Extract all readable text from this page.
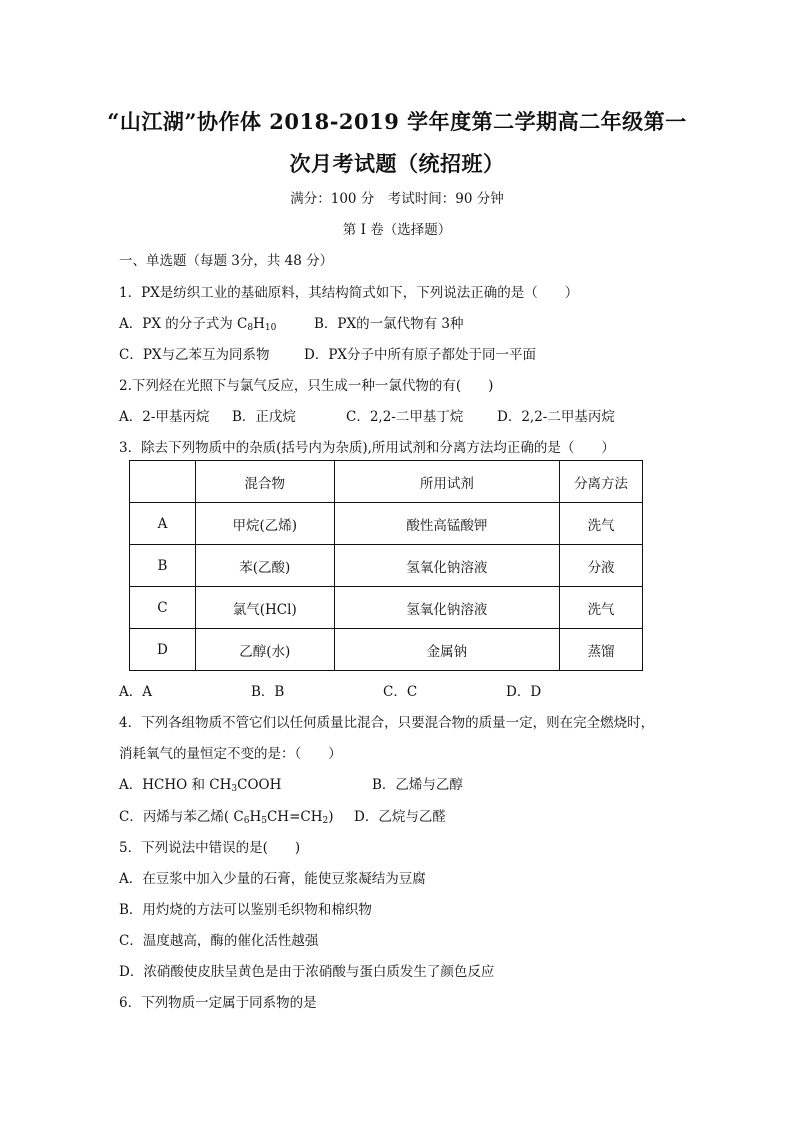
“山江湖”协作体 2018-2019 学年度第二学期高二年级第一
次月考试题（统招班）
满分：100 分　考试时间：90 分钟
第 I 卷（选择题）
一、单选题（每题 3分，共 48 分）
1．PX是纺织工业的基础原料，其结构简式如下，下列说法正确的是（　　）
A．PX 的分子式为 $C_8H_{10}$	B．PX的一氯代物有 3种
C．PX与乙苯互为同系物	D．PX分子中所有原子都处于同一平面
2.下列烃在光照下与氯气反应，只生成一种一氯代物的有(　　)
A．2-甲基丙烷 B．正戊烷	C．2,2-二甲基丁烷 D．2,2-二甲基丙烷
3．除去下列物质中的杂质(括号内为杂质),所用试剂和分离方法均正确的是（　　）
	混合物	所用试剂	分离方法
A	甲烷(乙烯)	酸性高锰酸钾	洗气
B	苯(乙酸)	氢氧化钠溶液	分液
C	氯气(HCl)	氢氧化钠溶液	洗气
D	乙醇(水)	金属钠	蒸馏
A．A	B．B	C．C	D．D
4．下列各组物质不管它们以任何质量比混合，只要混合物的质量一定，则在完全燃烧时，
消耗氧气的量恒定不变的是：（　　）
A．HCHO 和 $CH_3COOH$	B．乙烯与乙醇
C．丙烯与苯乙烯( $C_6H_5CH=CH_2$) D．乙烷与乙醛
5．下列说法中错误的是(　　)
A．在豆浆中加入少量的石膏，能使豆浆凝结为豆腐
B．用灼烧的方法可以鉴别毛织物和棉织物
C．温度越高，酶的催化活性越强
D．浓硝酸使皮肤呈黄色是由于浓硝酸与蛋白质发生了颜色反应
6．下列物质一定属于同系物的是
